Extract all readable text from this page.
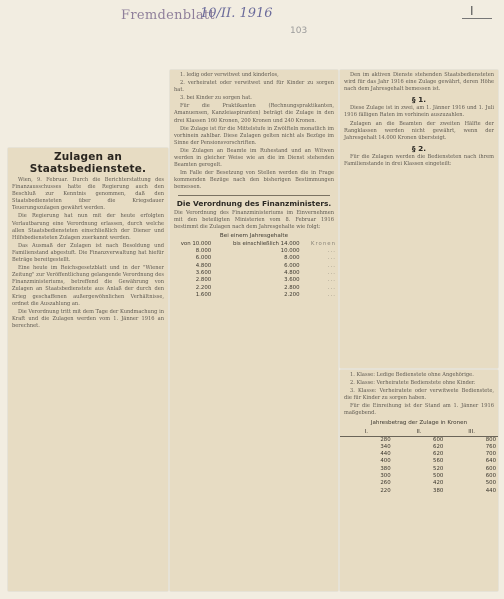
Fremdenblatt
10/II. 1916
103
I
Zulagen an Staatsbedienstete.

Wien, 9. Februar. Durch die Berichterstattung des Finanzausschusses hatte die Regierung auch den Beschluß zur Kenntnis genommen, daß den Staatsbediensteten über die Kriegsdauer Teuerungszulagen gewährt werden.

Die Regierung hat nun mit der heute erfolgten Verlautbarung eine Verordnung erlassen, durch welche allen Staatsbediensteten einschließlich der Diener und Hilfsbediensteten Zulagen zuerkannt werden.

Das Ausmaß der Zulagen ist nach Besoldung und Familienstand abgestuft. Die Finanzverwaltung hat hiefür Beträge bereitgestellt.

Eine heute im Reichsgesetzblatt und in der "Wiener Zeitung" zur Veröffentlichung gelangende Verordnung des Finanzministeriums, betreffend die Gewährung von Zulagen an Staatsbedienstete aus Anlaß der durch den Krieg geschaffenen außergewöhnlichen Verhältnisse, ordnet die Auszahlung an.

Die Verordnung tritt mit dem Tage der Kundmachung in Kraft und die Zulagen werden vom 1. Jänner 1916 an berechnet.

1. ledig oder verwitwet und kinderlos,

2. verheiratet oder verwitwet und für Kinder zu sorgen hat.

3. bei Kinder zu sorgen hat.

Für die Praktikanten (Rechnungspraktikanten, Amanuensen, Kanzleiaspiranten) beträgt die Zulage in den drei Klassen 160 Kronen, 200 Kronen und 240 Kronen.

Die Zulage ist für die Mittelstufe in Zwölfteln monatlich im vorhinein zahlbar. Diese Zulagen gelten nicht als Bezüge im Sinne der Pensionsvorschriften.

Die Zulagen an Beamte im Ruhestand und an Witwen werden in gleicher Weise wie an die im Dienst stehenden Beamten geregelt.

Im Falle der Besetzung von Stellen werden die in Frage kommenden Bezüge nach den bisherigen Bestimmungen bemessen.

Die Verordnung des Finanzministers.
Die Verordnung des Finanzministeriums im Einvernehmen mit den beteiligten Ministerien vom 8. Februar 1916 bestimmt die Zulagen nach dem Jahresgehalte wie folgt:
Bei einem Jahresgehalte
von 10.000	bis einschließlich 14.000	Kronen
8.000	10.000	...
6.000	8.000	...
4.800	6.000	...
3.600	4.800	...
2.800	3.600	...
2.200	2.800	...
1.600	2.200	...

Den im aktiven Dienste stehenden Staatsbediensteten wird für das Jahr 1916 eine Zulage gewährt, deren Höhe nach dem Jahresgehalt bemessen ist.

§ 1.

Diese Zulage ist in zwei, am 1. Jänner 1916 und 1. Juli 1916 fälligen Raten im vorhinein auszuzahlen.

Zulagen an die Beamten der zweiten Hälfte der Rangklassen werden nicht gewährt, wenn der Jahresgehalt 14.000 Kronen übersteigt.

§ 2.

Für die Zulagen werden die Bediensteten nach ihrem Familienstande in drei Klassen eingeteilt:

1. Klasse: Ledige Bedienstete ohne Angehörige.

2. Klasse: Verheiratete Bedienstete ohne Kinder.

3. Klasse: Verheiratete oder verwitwete Bedienstete, die für Kinder zu sorgen haben.

Für die Einreihung ist der Stand am 1. Jänner 1916 maßgebend.

Jahresbetrag der Zulage in Kronen
I.	II.	III.
280	600	800
340	620	760
440	620	700
400	560	640
380	520	600
300	500	600
260	420	500
220	380	440
